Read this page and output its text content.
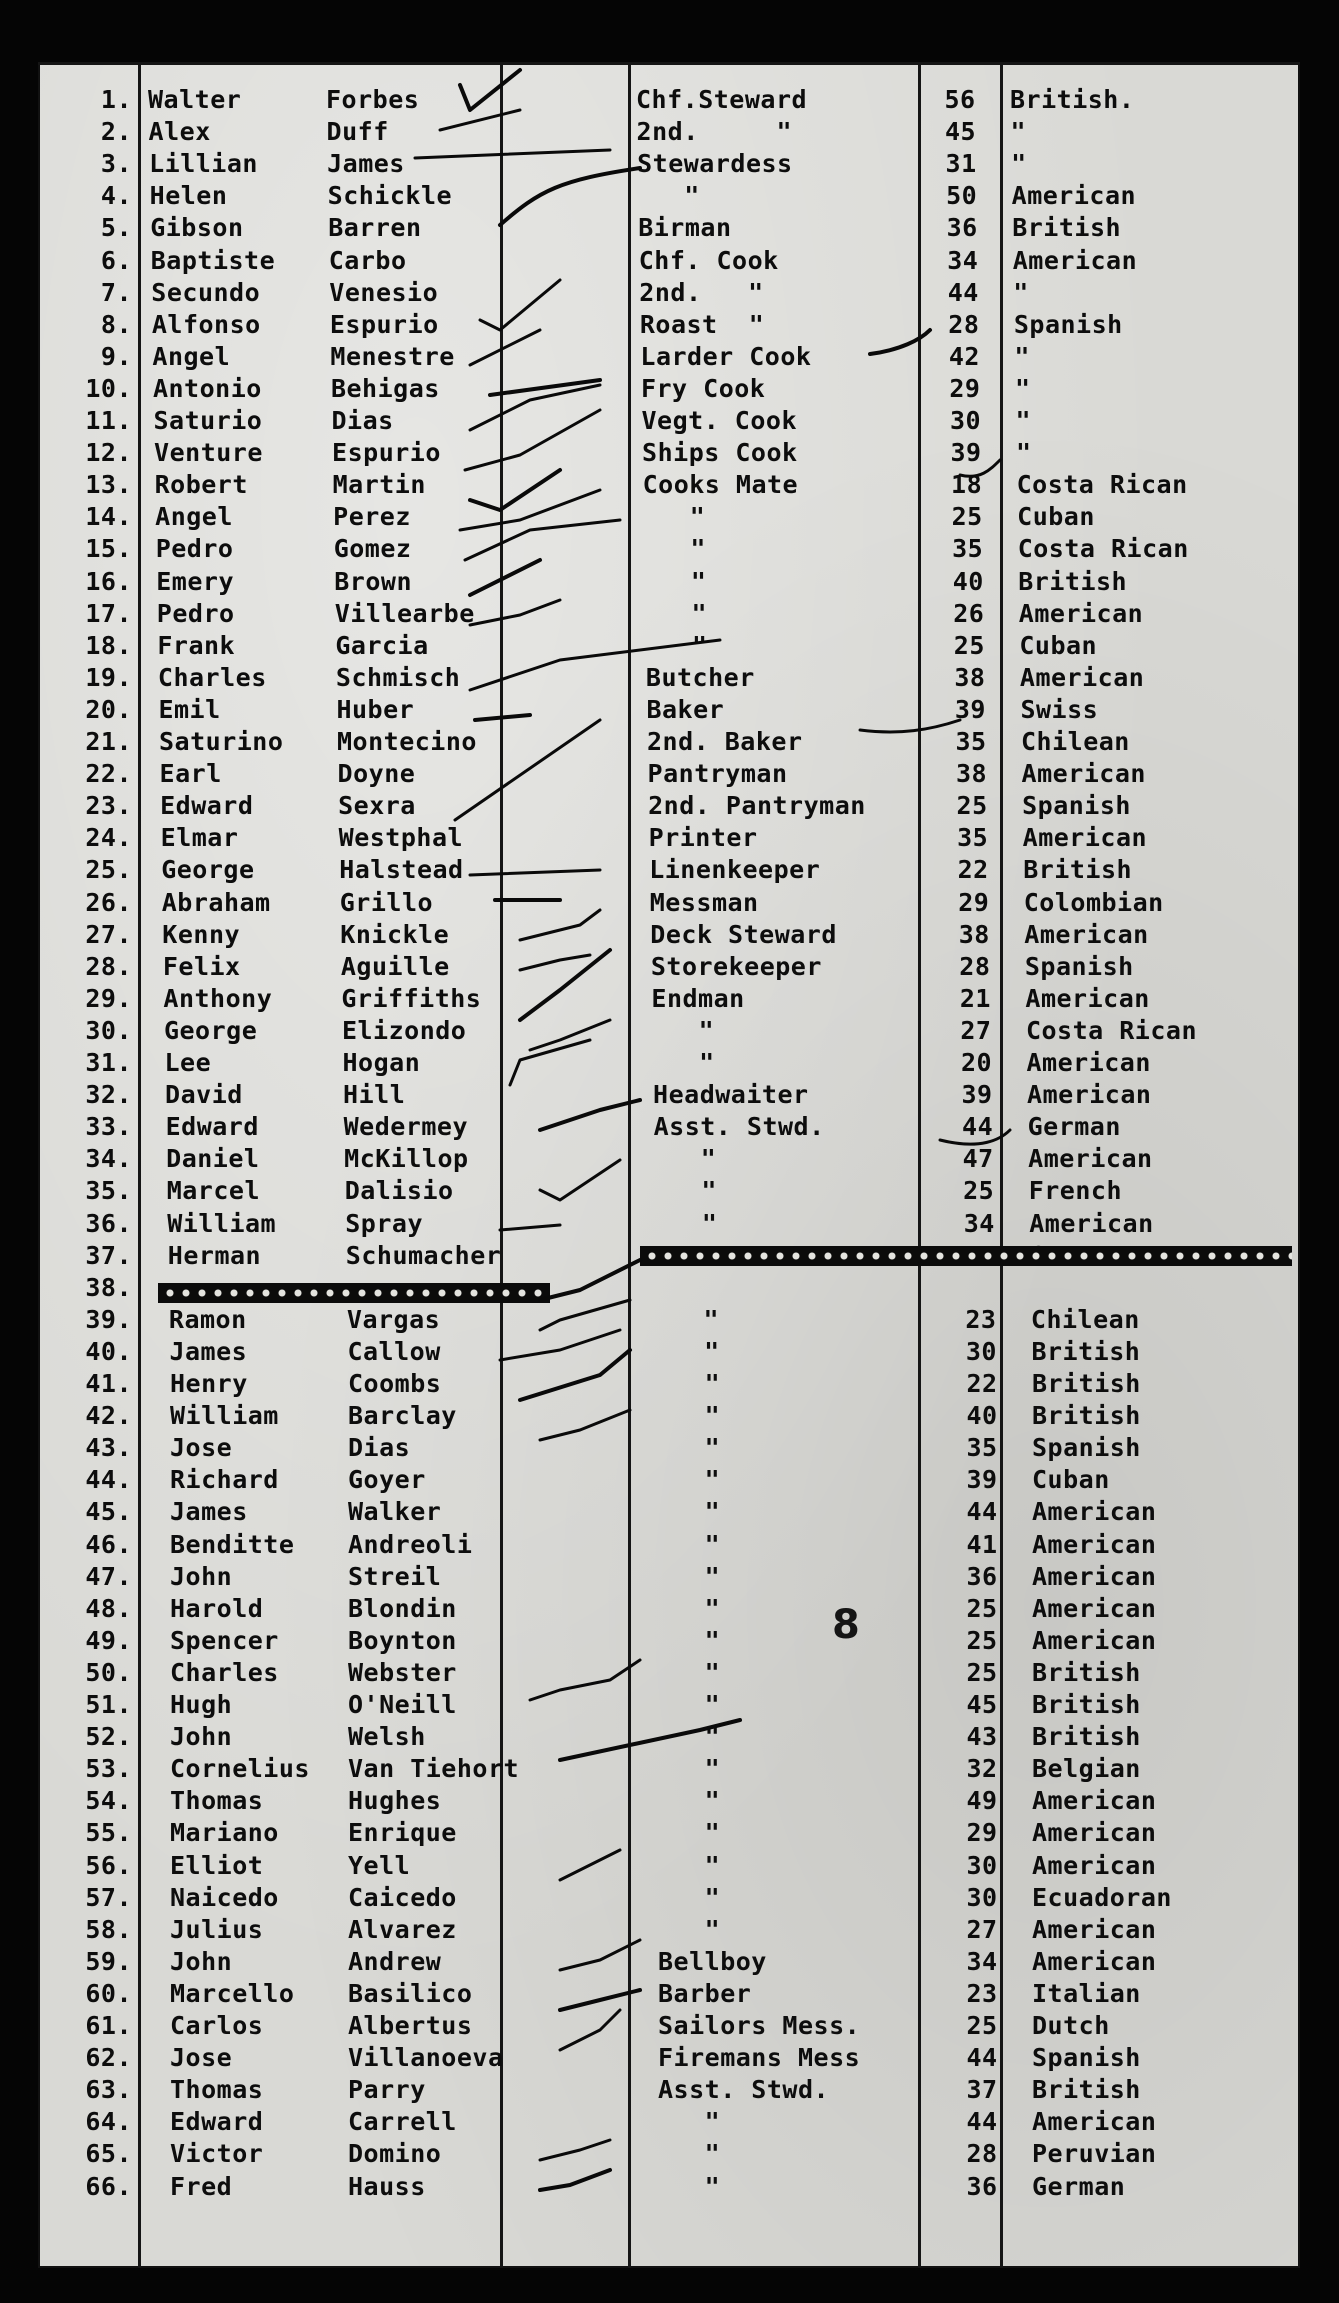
1. Walter	Forbes	Chf.Steward	56	British.
2. Alex	Duff	2nd.     "	45	"
3. Lillian	James	Stewardess	31	"
4. Helen	Schickle	"	50	American
5. Gibson	Barren	Birman	36	British
6. Baptiste Carbo	Chf. Cook	34	American
7. Secundo	Venesio	2nd.   "	44	"
8. Alfonso	Espurio	Roast  "	28	Spanish
9. Angel	Menestre	Larder Cook	42	"
10. Antonio	Behigas	Fry Cook	29	"
11. Saturio	Dias	Vegt. Cook	30	"
12. Venture	Espurio	Ships Cook	39	"
13. Robert	Martin	Cooks Mate	18	Costa Rican
14. Angel	Perez	"	25	Cuban
15. Pedro	Gomez	"	35	Costa Rican
16. Emery	Brown	"	40	British
17. Pedro	Villearbe	"	26	American
18. Frank	Garcia	"	25	Cuban
19. Charles	Schmisch	Butcher	38	American
20. Emil	Huber	Baker	39	Swiss
21. Saturino Montecino	2nd. Baker	35	Chilean
22. Earl	Doyne	Pantryman	38	American
23. Edward	Sexra	2nd. Pantryman	25	Spanish
24. Elmar	Westphal	Printer	35	American
25. George	Halstead	Linenkeeper	22	British
26. Abraham	Grillo	Messman	29	Colombian
27. Kenny	Knickle	Deck Steward	38	American
28. Felix	Aguille	Storekeeper	28	Spanish
29. Anthony	Griffiths	Endman	21	American
30. George	Elizondo	"	27	Costa Rican
31. Lee	Hogan	"	20	American
32. David	Hill	Headwaiter	39	American
33. Edward	Wedermey	Asst. Stwd.	44	German
34. Daniel	McKillop	"	47	American
35. Marcel	Dalisio	"	25	French
36. William	Spray	"	34	American
37. Herman	Schumacher
38.
39. Ramon	Vargas	"	23	Chilean
40. James	Callow	"	30	British
41. Henry	Coombs	"	22	British
42. William	Barclay	"	40	British
43. Jose	Dias	"	35	Spanish
44. Richard	Goyer	"	39	Cuban
45. James	Walker	"	44	American
46. Benditte Andreoli	"	41	American
47. John	Streil	"	36	American
48. Harold	Blondin	"	25	American
49. Spencer	Boynton	"	25	American
50. Charles	Webster	"	25	British
51. Hugh	O'Neill	"	45	British
52. John	Welsh	"	43	British
53. Cornelius Van Tiehort	"	32	Belgian
54. Thomas	Hughes	"	49	American
55. Mariano	Enrique	"	29	American
56. Elliot	Yell	"	30	American
57. Naicedo	Caicedo	"	30	Ecuadoran
58. Julius	Alvarez	"	27	American
59. John	Andrew	Bellboy	34	American
60. Marcello Basilico	Barber	23	Italian
61. Carlos	Albertus	Sailors Mess.	25	Dutch
62. Jose	Villanoeva	Firemans Mess	44	Spanish
63. Thomas	Parry	Asst. Stwd.	37	British
64. Edward	Carrell	"	44	American
65. Victor	Domino	"	28	Peruvian
66. Fred	Hauss	"	36	German
8
